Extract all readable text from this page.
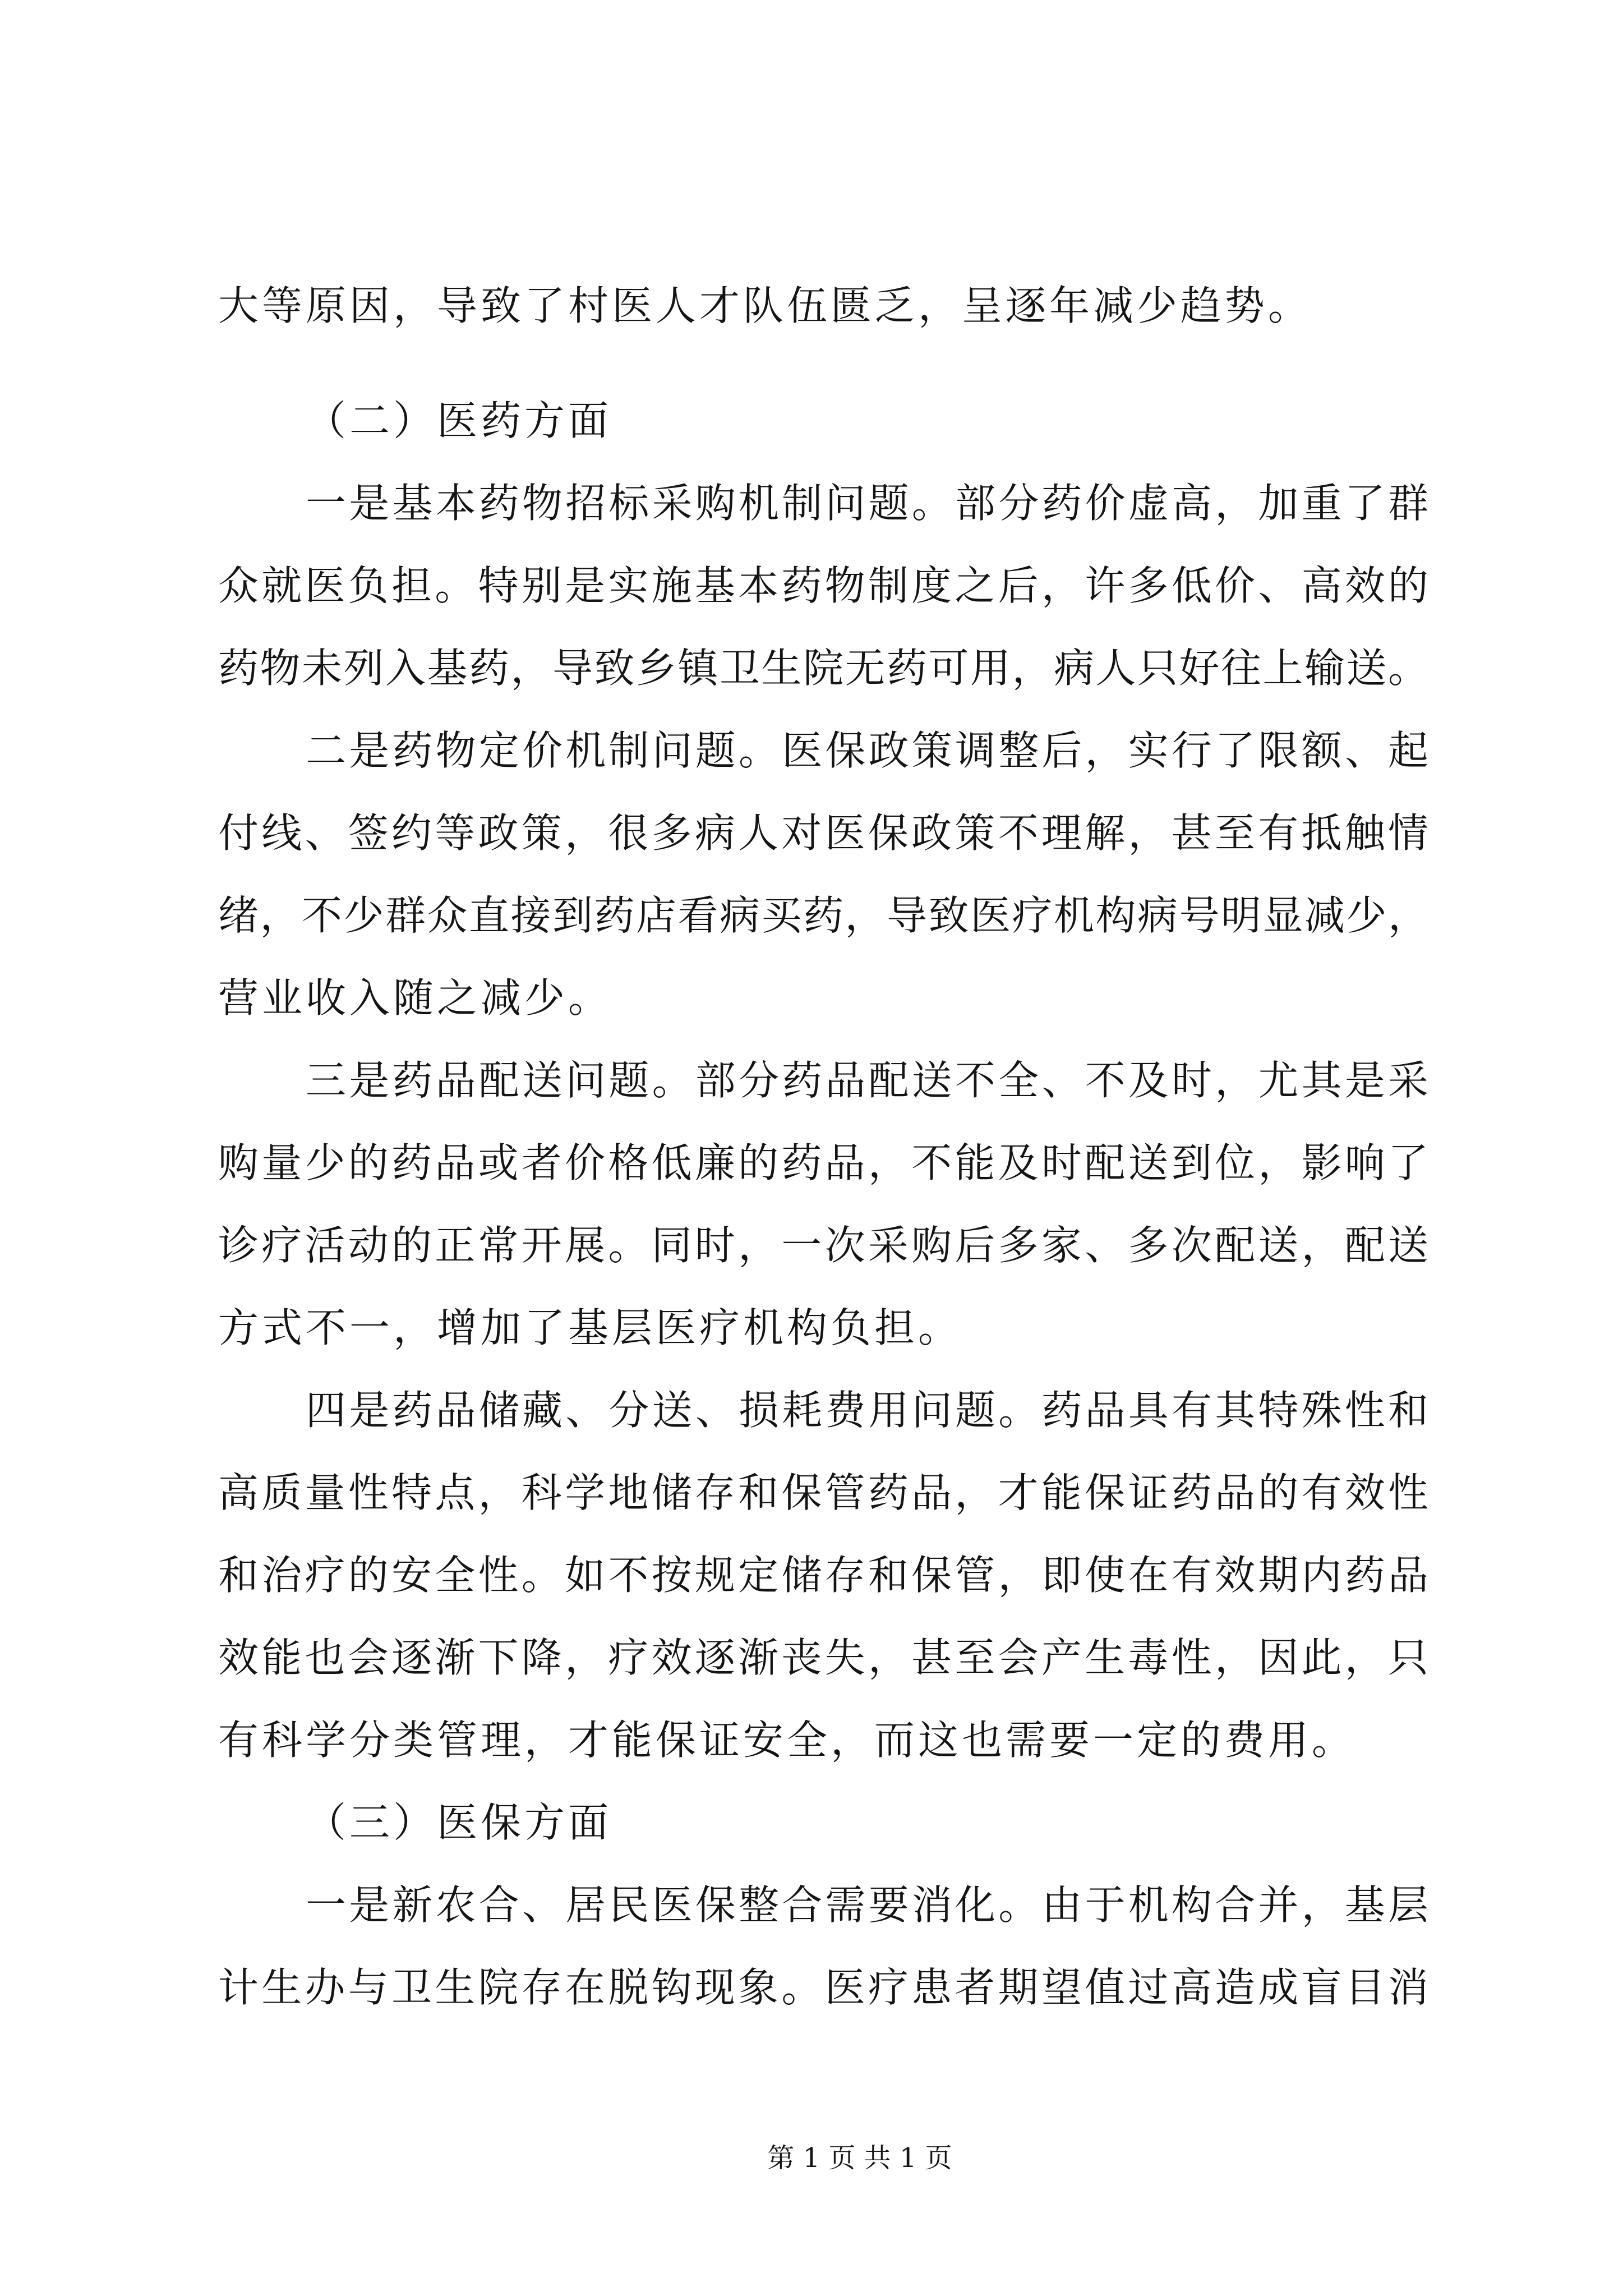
大等原因，导致了村医人才队伍匮乏，呈逐年减少趋势。
（二）医药方面
一是基本药物招标采购机制问题。部分药价虚高，加重了群
众就医负担。特别是实施基本药物制度之后，许多低价、高效的
药物未列入基药，导致乡镇卫生院无药可用，病人只好往上输送。
二是药物定价机制问题。医保政策调整后，实行了限额、起
付线、签约等政策，很多病人对医保政策不理解，甚至有抵触情
绪，不少群众直接到药店看病买药，导致医疗机构病号明显减少，
营业收入随之减少。
三是药品配送问题。部分药品配送不全、不及时，尤其是采
购量少的药品或者价格低廉的药品，不能及时配送到位，影响了
诊疗活动的正常开展。同时，一次采购后多家、多次配送，配送
方式不一，增加了基层医疗机构负担。
四是药品储藏、分送、损耗费用问题。药品具有其特殊性和
高质量性特点，科学地储存和保管药品，才能保证药品的有效性
和治疗的安全性。如不按规定储存和保管，即使在有效期内药品
效能也会逐渐下降，疗效逐渐丧失，甚至会产生毒性，因此，只
有科学分类管理，才能保证安全，而这也需要一定的费用。
（三）医保方面
一是新农合、居民医保整合需要消化。由于机构合并，基层
计生办与卫生院存在脱钩现象。医疗患者期望值过高造成盲目消
第 1 页 共 1 页
